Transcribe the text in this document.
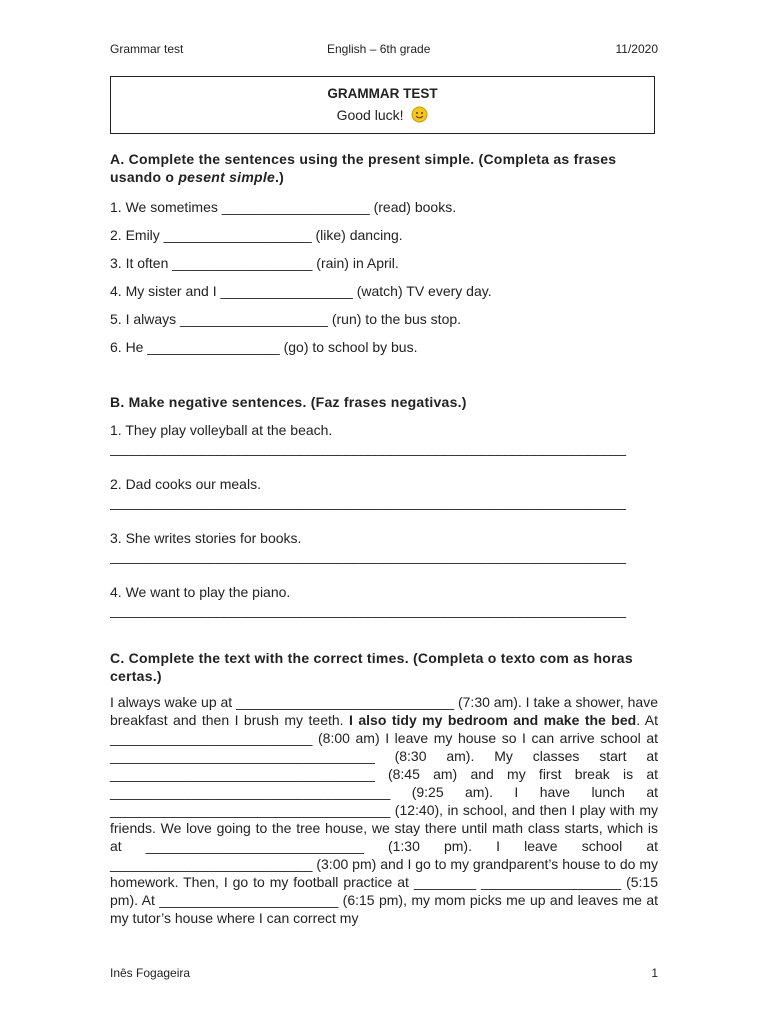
Grammar test	English – 6th grade	11/2020
GRAMMAR TEST
Good luck!

A. Complete the sentences using the present simple. (Completa as frases usando o pesent simple.)

1. We sometimes ___________________ (read) books.

2. Emily ___________________ (like) dancing.

3. It often __________________ (rain) in April.

4. My sister and I _________________ (watch) TV every day.

5. I always ___________________ (run) to the bus stop.

6. He _________________ (go) to school by bus.

B. Make negative sentences. (Faz frases negativas.)

1. They play volleyball at the beach.

____________________________________________________________________

2. Dad cooks our meals.

____________________________________________________________________

3. She writes stories for books.

____________________________________________________________________

4. We want to play the piano.

____________________________________________________________________

C. Complete the text with the correct times. (Completa o texto com as horas certas.)

I always wake up at ____________________________ (7:30 am). I take a shower, have breakfast and then I brush my teeth. I also tidy my bedroom and make the bed. At __________________________ (8:00 am) I leave my house so I can arrive school at __________________________________ (8:30 am). My classes start at __________________________________ (8:45 am) and my first break is at ____________________________________ (9:25 am). I have lunch at ____________________________________ (12:40), in school, and then I play with my friends. We love going to the tree house, we stay there until math class starts, which is at ____________________________ (1:30 pm). I leave school at __________________________ (3:00 pm) and I go to my grandparent’s house to do my homework. Then, I go to my football practice at ________ __________________ (5:15 pm). At _______________________ (6:15 pm), my mom picks me up and leaves me at my tutor’s house where I can correct my

Inês Fogageira	1
